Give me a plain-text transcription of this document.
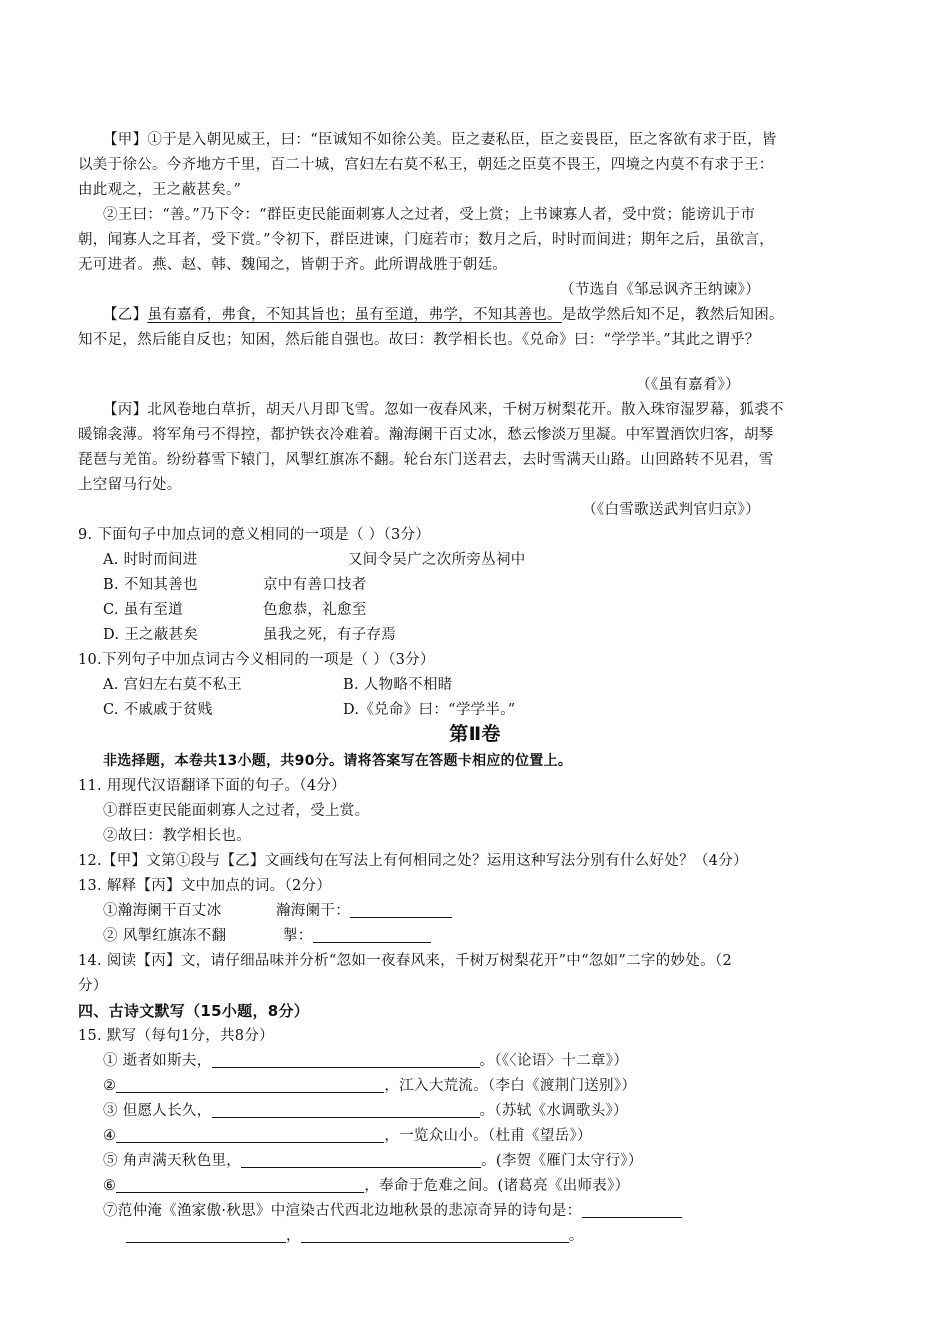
【甲】①于是入朝见威王，曰：“臣诚知不如徐公美。臣之妻私臣，臣之妾畏臣，臣之客欲有求于臣，皆
以美于徐公。今齐地方千里，百二十城，宫妇左右莫不私王，朝廷之臣莫不畏王，四境之内莫不有求于王：
由此观之，王之蔽甚矣。”
②王曰：“善。”乃下令：“群臣吏民能面刺寡人之过者，受上赏；上书谏寡人者，受中赏；能谤讥于市
朝，闻寡人之耳者，受下赏。”令初下，群臣进谏，门庭若市；数月之后，时时而间进；期年之后，虽欲言，
无可进者。燕、赵、韩、魏闻之，皆朝于齐。此所谓战胜于朝廷。
（节选自《邹忌讽齐王纳谏》）
【乙】虽有嘉肴，弗食，不知其旨也；虽有至道，弗学，不知其善也。是故学然后知不足，教然后知困。
知不足，然后能自反也；知困，然后能自强也。故曰：教学相长也。《兑命》曰：“学学半。”其此之谓乎？
（《虽有嘉肴》）
【丙】北风卷地白草折，胡天八月即飞雪。忽如一夜春风来，千树万树梨花开。散入珠帘湿罗幕，狐裘不
暖锦衾薄。将军角弓不得控，都护铁衣冷难着。瀚海阑干百丈冰，愁云惨淡万里凝。中军置酒饮归客，胡琴
琵琶与羌笛。纷纷暮雪下辕门，风掣红旗冻不翻。轮台东门送君去，去时雪满天山路。山回路转不见君，雪
上空留马行处。
（《白雪歌送武判官归京》）
9. 下面句子中加点词的意义相同的一项是（ ）（3分）
A. 时时而间进	又间令吴广之次所旁丛祠中
B. 不知其善也	京中有善口技者
C. 虽有至道	色愈恭，礼愈至
D. 王之蔽甚矣	虽我之死，有子存焉
10.下列句子中加点词古今义相同的一项是（ ）（3分）
A. 宫妇左右莫不私王	B. 人物略不相睹
C. 不戚戚于贫贱	D.《兑命》曰：“学学半。”
第Ⅱ卷
非选择题，本卷共13小题，共90分。请将答案写在答题卡相应的位置上。
11. 用现代汉语翻译下面的句子。（4分）
①群臣吏民能面刺寡人之过者，受上赏。
②故曰：教学相长也。
12.【甲】文第①段与【乙】文画线句在写法上有何相同之处？运用这种写法分别有什么好处？（4分）
13. 解释【丙】文中加点的词。（2分）
①瀚海阑干百丈冰	瀚海阑干：
② 风掣红旗冻不翻	掣：
14. 阅读【丙】文，请仔细品味并分析“忽如一夜春风来，千树万树梨花开”中“忽如”二字的妙处。（2
分）
四、古诗文默写（15小题，8分）
15. 默写（每句1分，共8分）
① 逝者如斯夫，	。（《〈论语〉十二章》）
②	，江入大荒流。（李白《渡荆门送别》）
③ 但愿人长久，	。（苏轼《水调歌头》）
④	，一览众山小。（杜甫《望岳》）
⑤ 角声满天秋色里，	。(李贺《雁门太守行》）
⑥	，奉命于危难之间。(诸葛亮《出师表》）
⑦范仲淹《渔家傲·秋思》中渲染古代西北边地秋景的悲凉奇异的诗句是：
，	。
